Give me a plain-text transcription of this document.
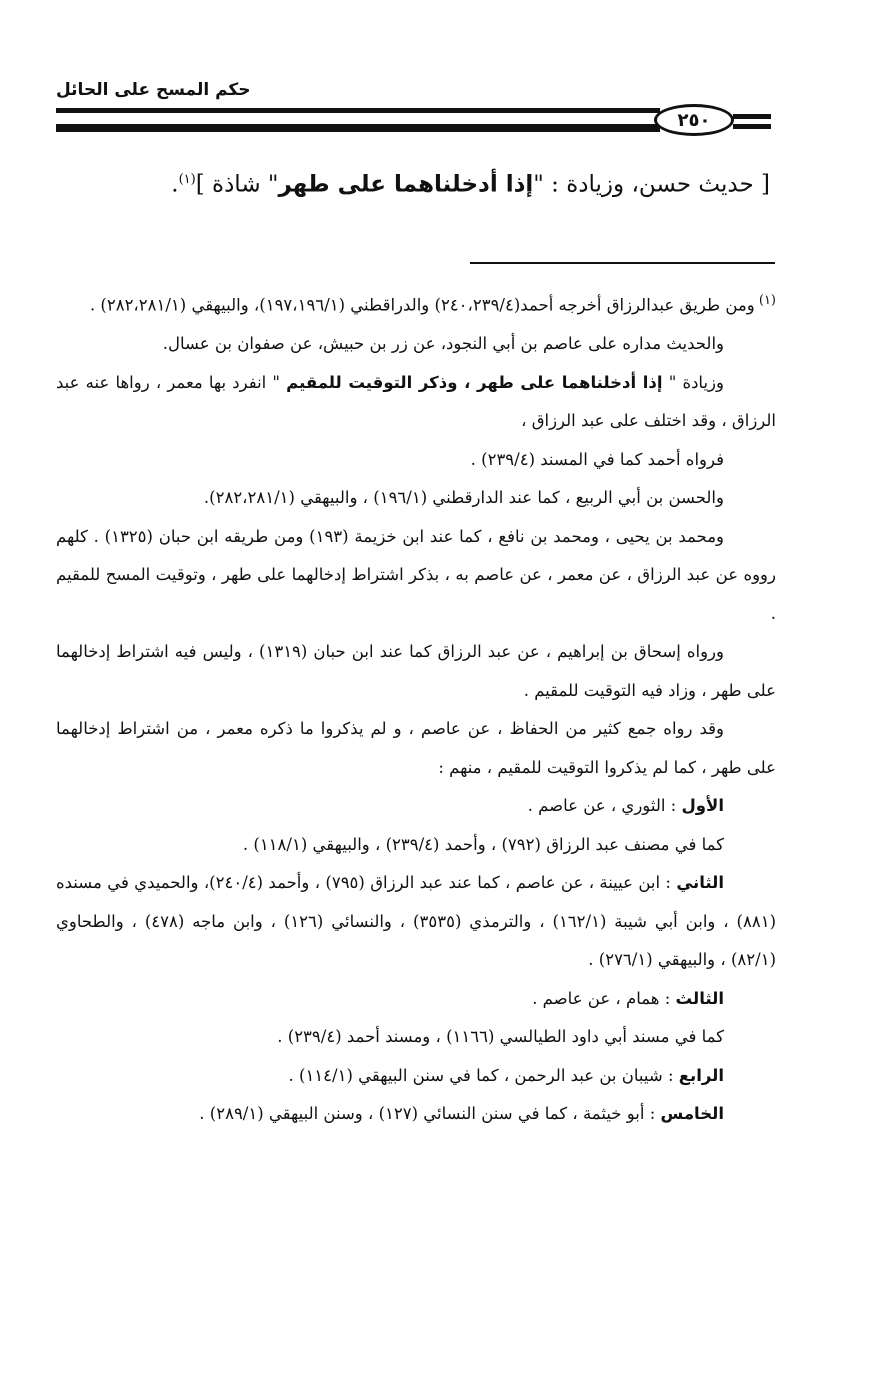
حكم المسح على الحائل
٢٥٠
[ حديث حسن، وزيادة : "إذا أدخلناهما على طهر" شاذة ]$^{(١)}$.

$^{(١)}$ ومن طريق عبدالرزاق أخرجه أحمد(٢٤٠،٢٣٩/٤) والدراقطني (١٩٧،١٩٦/١)، والبيهقي (٢٨٢،٢٨١/١) .

والحديث مداره على عاصم بن أبي النجود، عن زر بن حبيش، عن صفوان بن عسال.

وزيادة " إذا أدخلناهما على طهر ، وذكر التوقيت للمقيم " انفرد بها معمر ، رواها عنه عبد الرزاق ، وقد اختلف على عبد الرزاق ،

فرواه أحمد كما في المسند (٢٣٩/٤) .

والحسن بن أبي الربيع ، كما عند الدارقطني (١٩٦/١) ، والبيهقي (٢٨٢،٢٨١/١).

ومحمد بن يحيى ، ومحمد بن نافع ، كما عند ابن خزيمة (١٩٣) ومن طريقه ابن حبان (١٣٢٥) . كلهم رووه عن عبد الرزاق ، عن معمر ، عن عاصم به ، بذكر اشتراط إدخالهما على طهر ، وتوقيت المسح للمقيم .

ورواه إسحاق بن إبراهيم ، عن عبد الرزاق كما عند ابن حبان (١٣١٩) ، وليس فيه اشتراط إدخالهما على طهر ، وزاد فيه التوقيت للمقيم .

وقد رواه جمع كثير من الحفاظ ، عن عاصم ، و لم يذكروا ما ذكره معمر ، من اشتراط إدخالهما على طهر ، كما لم يذكروا التوقيت للمقيم ، منهم :

الأول : الثوري ، عن عاصم .

كما في مصنف عبد الرزاق (٧٩٢) ، وأحمد (٢٣٩/٤) ، والبيهقي (١١٨/١) .

الثاني : ابن عيينة ، عن عاصم ، كما عند عبد الرزاق (٧٩٥) ، وأحمد (٢٤٠/٤)، والحميدي في مسنده (٨٨١) ، وابن أبي شيبة (١٦٢/١) ، والترمذي (٣٥٣٥) ، والنسائي (١٢٦) ، وابن ماجه (٤٧٨) ، والطحاوي (٨٢/١) ، والبيهقي (٢٧٦/١) .

الثالث : همام ، عن عاصم .

كما في مسند أبي داود الطيالسي (١١٦٦) ، ومسند أحمد (٢٣٩/٤) .

الرابع : شيبان بن عبد الرحمن ، كما في سنن البيهقي (١١٤/١) .

الخامس : أبو خيثمة ، كما في سنن النسائي (١٢٧) ، وسنن البيهقي (٢٨٩/١) .
